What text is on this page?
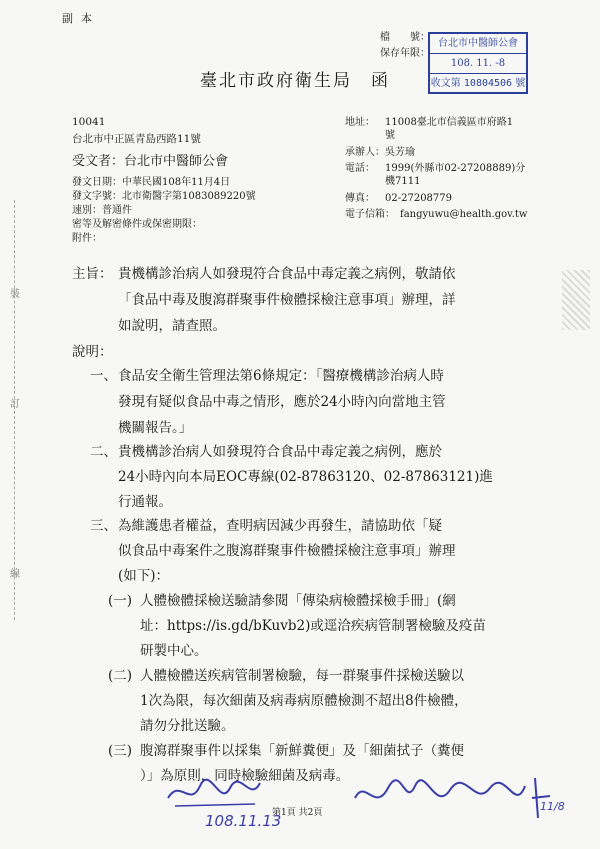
副本
檔　　號：
保存年限：
台北市中醫師公會
108. 11. -8
收文第 10804506 號
臺北市政府衛生局　函
10041
台北市中正區青島西路11號
受文者：台北市中醫師公會
發文日期：中華民國108年11月4日
發文字號：北市衛醫字第1083089220號
速別：普通件
密等及解密條件或保密期限：
附件：
地址： 11008臺北市信義區市府路1
號
承辦人：吳芳瑜
電話： 1999(外縣市02-27208889)分
機7111
傳真： 02-27208779
電子信箱： fangyuwu@health.gov.tw
裝
訂
線
主旨： 貴機構診治病人如發現符合食品中毒定義之病例，敬請依
「食品中毒及腹瀉群聚事件檢體採檢注意事項」辦理，詳
如說明，請查照。
說明：
一、 食品安全衛生管理法第6條規定：「醫療機構診治病人時
發現有疑似食品中毒之情形，應於24小時內向當地主管
機關報告。」
二、 貴機構診治病人如發現符合食品中毒定義之病例，應於
24小時內向本局EOC專線(02-87863120、02-87863121)進
行通報。
三、 為維護患者權益，查明病因減少再發生，請協助依「疑
似食品中毒案件之腹瀉群聚事件檢體採檢注意事項」辦理
(如下)：
(一) 人體檢體採檢送驗請參閱「傳染病檢體採檢手冊」(網
址：https://is.gd/bKuvb2)或逕洽疾病管制署檢驗及疫苗
研製中心。
(二) 人體檢體送疾病管制署檢驗，每一群聚事件採檢送驗以
1次為限，每次細菌及病毒病原體檢測不超出8件檢體，
請勿分批送驗。
(三) 腹瀉群聚事件以採集「新鮮糞便」及「細菌拭子（糞便
）」為原則，同時檢驗細菌及病毒。
第1頁 共2頁
108.11.13
11/8
